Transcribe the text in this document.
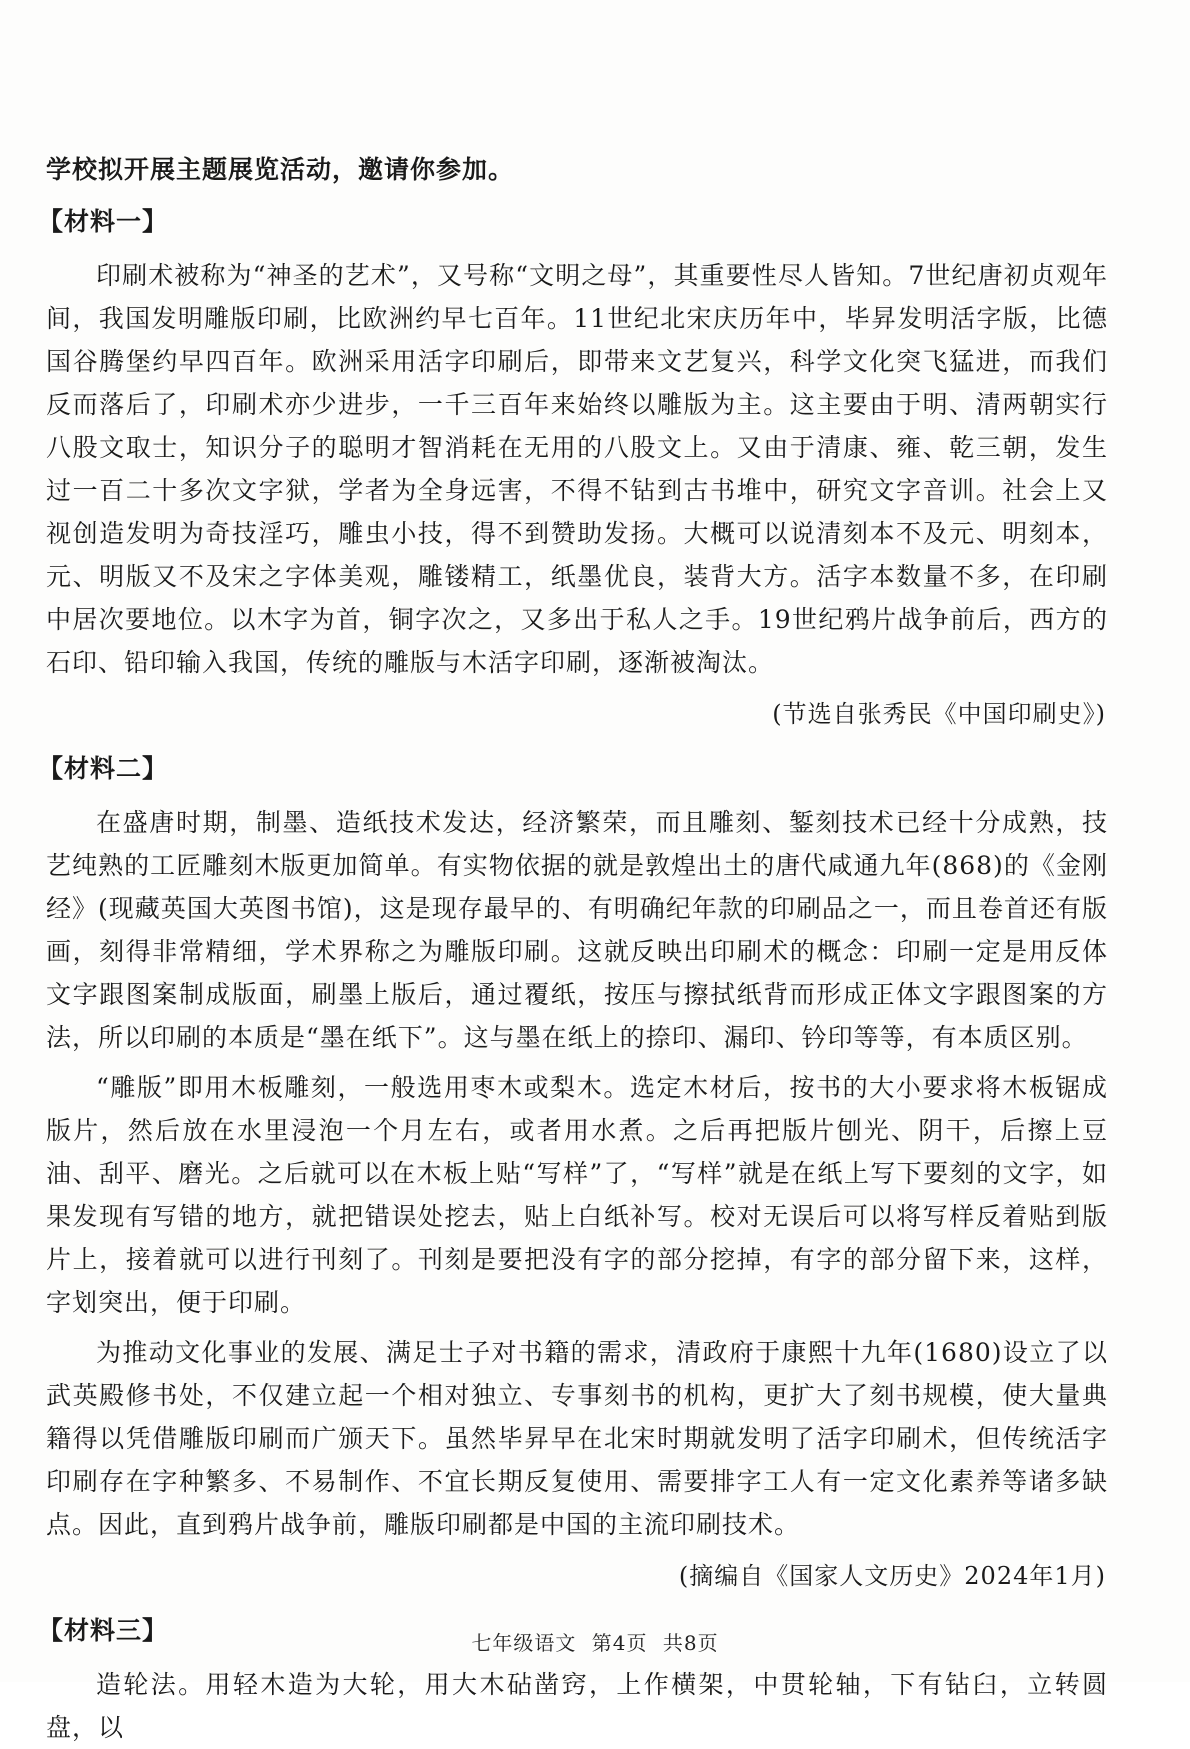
学校拟开展主题展览活动，邀请你参加。

【材料一】

印刷术被称为“神圣的艺术”，又号称“文明之母”，其重要性尽人皆知。7世纪唐初贞观年间，我国发明雕版印刷，比欧洲约早七百年。11世纪北宋庆历年中，毕昇发明活字版，比德国谷腾堡约早四百年。欧洲采用活字印刷后，即带来文艺复兴，科学文化突飞猛进，而我们反而落后了，印刷术亦少进步，一千三百年来始终以雕版为主。这主要由于明、清两朝实行八股文取士，知识分子的聪明才智消耗在无用的八股文上。又由于清康、雍、乾三朝，发生过一百二十多次文字狱，学者为全身远害，不得不钻到古书堆中，研究文字音训。社会上又视创造发明为奇技淫巧，雕虫小技，得不到赞助发扬。大概可以说清刻本不及元、明刻本，元、明版又不及宋之字体美观，雕镂精工，纸墨优良，装背大方。活字本数量不多，在印刷中居次要地位。以木字为首，铜字次之，又多出于私人之手。19世纪鸦片战争前后，西方的石印、铅印输入我国，传统的雕版与木活字印刷，逐渐被淘汰。

(节选自张秀民《中国印刷史》)

【材料二】

在盛唐时期，制墨、造纸技术发达，经济繁荣，而且雕刻、錾刻技术已经十分成熟，技艺纯熟的工匠雕刻木版更加简单。有实物依据的就是敦煌出土的唐代咸通九年(868)的《金刚经》(现藏英国大英图书馆)，这是现存最早的、有明确纪年款的印刷品之一，而且卷首还有版画，刻得非常精细，学术界称之为雕版印刷。这就反映出印刷术的概念：印刷一定是用反体文字跟图案制成版面，刷墨上版后，通过覆纸，按压与擦拭纸背而形成正体文字跟图案的方法，所以印刷的本质是“墨在纸下”。这与墨在纸上的捺印、漏印、钤印等等，有本质区别。

“雕版”即用木板雕刻，一般选用枣木或梨木。选定木材后，按书的大小要求将木板锯成版片，然后放在水里浸泡一个月左右，或者用水煮。之后再把版片刨光、阴干，后擦上豆油、刮平、磨光。之后就可以在木板上贴“写样”了，“写样”就是在纸上写下要刻的文字，如果发现有写错的地方，就把错误处挖去，贴上白纸补写。校对无误后可以将写样反着贴到版片上，接着就可以进行刊刻了。刊刻是要把没有字的部分挖掉，有字的部分留下来，这样，字划突出，便于印刷。

为推动文化事业的发展、满足士子对书籍的需求，清政府于康熙十九年(1680)设立了以武英殿修书处，不仅建立起一个相对独立、专事刻书的机构，更扩大了刻书规模，使大量典籍得以凭借雕版印刷而广颁天下。虽然毕昇早在北宋时期就发明了活字印刷术，但传统活字印刷存在字种繁多、不易制作、不宜长期反复使用、需要排字工人有一定文化素养等诸多缺点。因此，直到鸦片战争前，雕版印刷都是中国的主流印刷技术。

(摘编自《国家人文历史》2024年1月)

【材料三】

造轮法。用轻木造为大轮，用大木砧凿窍，上作横架，中贯轮轴，下有钻臼，立转圆盘，以

七年级语文 第4页 共8页
